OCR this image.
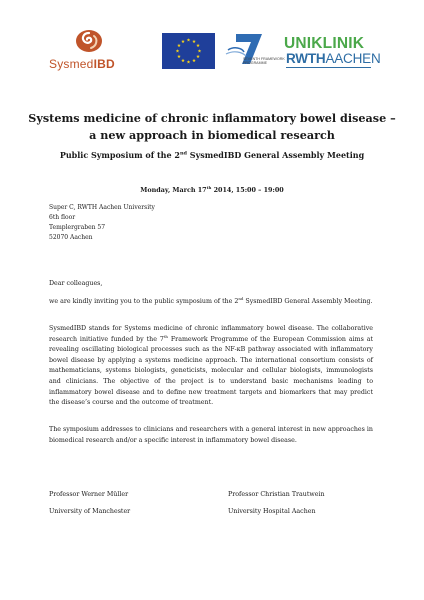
SysmedIBD	SEVENTH FRAMEWORK
PROGRAMME
UNIKLINIK
RWTHAACHEN
Systems medicine of chronic inflammatory bowel disease –
a new approach in biomedical research
Public Symposium of the 2nd SysmedIBD General Assembly Meeting
Monday, March 17th 2014, 15:00 – 19:00
Super C, RWTH Aachen University
6th floor
Templergraben 57
52070 Aachen
Dear colleagues,
we are kindly inviting you to the public symposium of the 2nd SysmedIBD General Assembly Meeting.
SysmedIBD stands for Systems medicine of chronic inflammatory bowel disease. The collaborative research initiative funded by the 7th Framework Programme of the European Commission aims at revealing oscillating biological processes such as the NF-κB pathway associated with inflammatory bowel disease by applying a systems medicine approach. The international consortium consists of mathematicians, systems biologists, geneticists, molecular and cellular biologists, immunologists and clinicians. The objective of the project is to understand basic mechanisms leading to inflammatory bowel disease and to define new treatment targets and biomarkers that may predict the disease’s course and the outcome of treatment.
The symposium addresses to clinicians and researchers with a general interest in new approaches in biomedical research and/or a specific interest in inflammatory bowel disease.
Professor Werner Müller	Professor Christian Trautwein
University of Manchester	University Hospital Aachen
